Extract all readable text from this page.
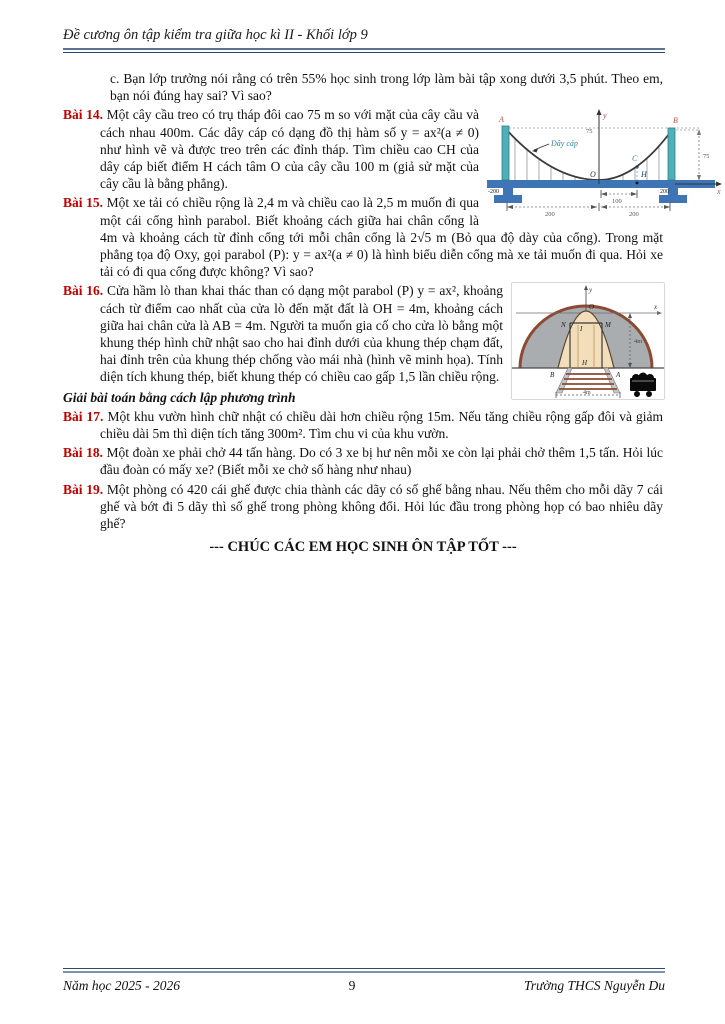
Đề cương ôn tập kiểm tra giữa học kì II - Khối lớp 9

c. Bạn lớp trưởng nói rằng có trên 55% học sinh trong lớp làm bài tập xong dưới 3,5 phút. Theo em, bạn nói đúng hay sai? Vì sao?

A	B
y
x
C
H
O
Dây cáp
75
75
-200	200
100
200	200

Bài 14. Một cây cầu treo có trụ tháp đôi cao 75 m so với mặt của cây cầu và cách nhau 400m. Các dây cáp có dạng đồ thị hàm số y = ax²(a ≠ 0) như hình vẽ và được treo trên các đỉnh tháp. Tìm chiều cao CH của dây cáp biết điểm H cách tâm O của cây cầu 100 m (giả sử mặt của cây cầu là bằng phẳng).

Bài 15. Một xe tải có chiều rộng là 2,4 m và chiều cao là 2,5 m muốn đi qua một cái cổng hình parabol. Biết khoảng cách giữa hai chân cổng là 4m và khoảng cách từ đỉnh cổng tới mỗi chân cổng là 2√5 m (Bỏ qua độ dày của cổng). Trong mặt phẳng tọa độ Oxy, gọi parabol (P): y = ax²(a ≠ 0) là hình biểu diễn cổng mà xe tải muốn đi qua. Hỏi xe tải có đi qua cổng được không? Vì sao?

y
x
O
N I	M
H
B	A
4m
4m

Bài 16. Cửa hầm lò than khai thác than có dạng một parabol (P) y = ax², khoảng cách từ điểm cao nhất của cửa lò đến mặt đất là OH = 4m, khoảng cách giữa hai chân cửa là AB = 4m. Người ta muốn gia cố cho cửa lò bằng một khung thép hình chữ nhật sao cho hai đỉnh dưới của khung thép chạm đất, hai đỉnh trên của khung thép chống vào mái nhà (hình vẽ minh họa). Tính diện tích khung thép, biết khung thép có chiều cao gấp 1,5 lần chiều rộng.

Giải bài toán bằng cách lập phương trình

Bài 17. Một khu vườn hình chữ nhật có chiều dài hơn chiều rộng 15m. Nếu tăng chiều rộng gấp đôi và giảm chiều dài 5m thì diện tích tăng 300m². Tìm chu vi của khu vườn.

Bài 18. Một đoàn xe phải chở 44 tấn hàng. Do có 3 xe bị hư nên mỗi xe còn lại phải chở thêm 1,5 tấn. Hỏi lúc đầu đoàn có mấy xe? (Biết mỗi xe chở số hàng như nhau)

Bài 19. Một phòng có 420 cái ghế được chia thành các dãy có số ghế bằng nhau. Nếu thêm cho mỗi dãy 7 cái ghế và bớt đi 5 dãy thì số ghế trong phòng không đổi. Hỏi lúc đầu trong phòng họp có bao nhiêu dãy ghế?

--- CHÚC CÁC EM HỌC SINH ÔN TẬP TỐT ---

Năm học 2025 - 2026	9	Trường THCS Nguyễn Du
